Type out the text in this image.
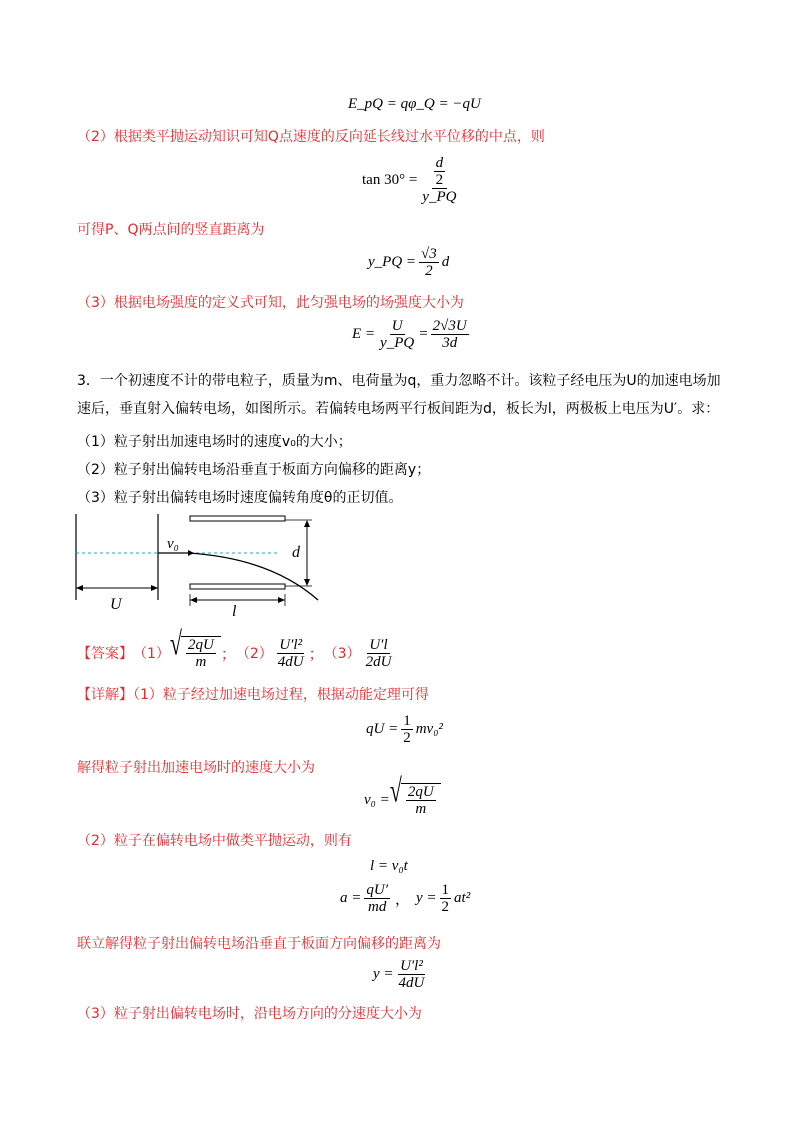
E_pQ = qφ_Q = −qU
（2）根据类平抛运动知识可知Q点速度的反向延长线过水平位移的中点，则
tan 30° = d
2
y_PQ
可得P、Q两点间的竖直距离为
y_PQ = $\frac{√3}{2}$ d
（3）根据电场强度的定义式可知，此匀强电场的场强度大小为
$E = \frac{U}{y\_PQ} = \frac{2√3U}{3d}$
3．一个初速度不计的带电粒子，质量为m、电荷量为q，重力忽略不计。该粒子经电压为U的加速电场加
速后，垂直射入偏转电场，如图所示。若偏转电场两平行板间距为d，板长为l，两极板上电压为U′。求：
（1）粒子射出加速电场时的速度v₀的大小；
（2）粒子射出偏转电场沿垂直于板面方向偏移的距离y；
（3）粒子射出偏转电场时速度偏转角度θ的正切值。
v₀	d
U	l
【答案】 （1） √ $\frac{2qU}{m}$ ； $(2) \frac{\text{U′l²}}{4dU}$ ； $(3) \frac{U'l}{2dU}$
【详解】（1）粒子经过加速电场过程，根据动能定理可得
qU = $\frac{1}{2} mv_0^2$
解得粒子射出加速电场时的速度大小为
v₀ = √ $\frac{2qU}{m}$
（2）粒子在偏转电场中做类平抛运动，则有
l = v₀t
$a = \frac{qU'}{md}$ ， $y = \frac{1}{2} at^2$
联立解得粒子射出偏转电场沿垂直于板面方向偏移的距离为
$y = \frac{\text{U′l²}}{4dU}$
（3）粒子射出偏转电场时，沿电场方向的分速度大小为
